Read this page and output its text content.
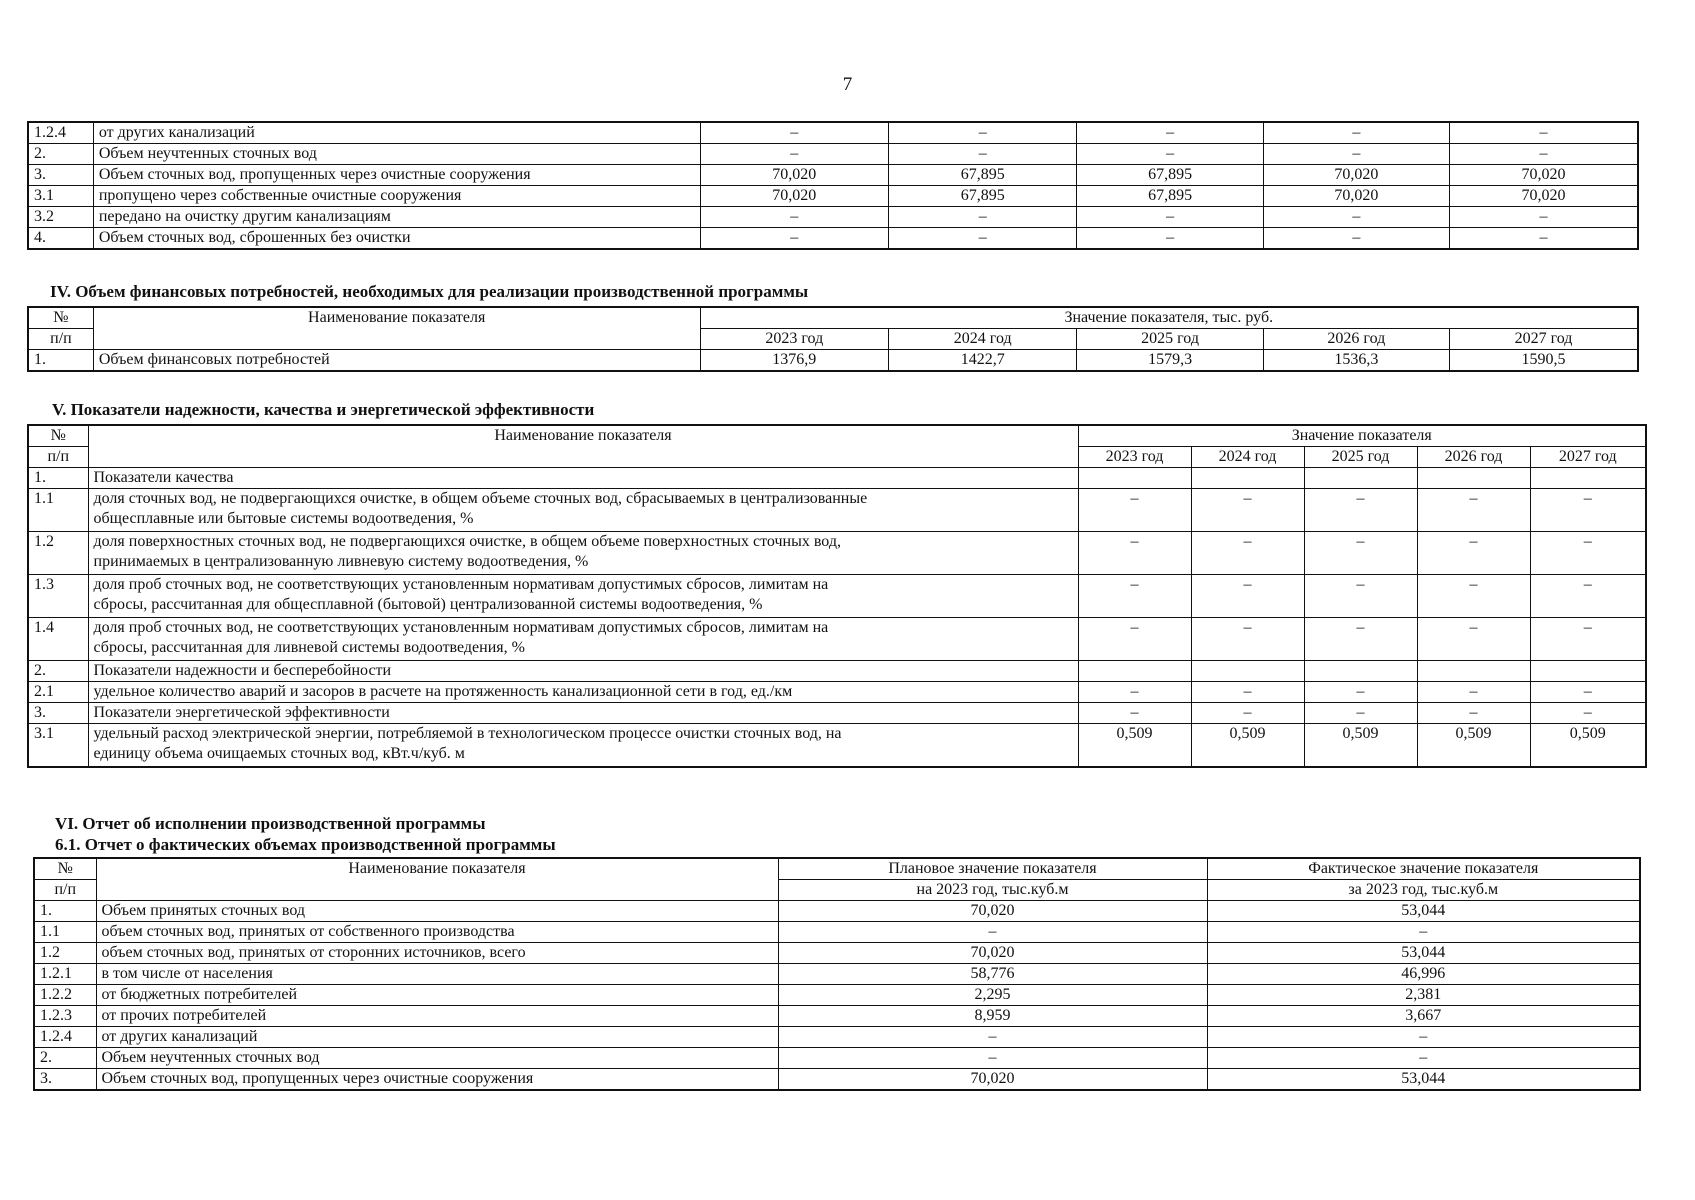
7
1.2.4	от других канализаций	–	–	–	–	–
2.	Объем неучтенных сточных вод	–	–	–	–	–
3.	Объем сточных вод, пропущенных через очистные сооружения	70,020	67,895	67,895	70,020	70,020
3.1	пропущено через собственные очистные сооружения	70,020	67,895	67,895	70,020	70,020
3.2	передано на очистку другим канализациям	–	–	–	–	–
4.	Объем сточных вод, сброшенных без очистки	–	–	–	–	–
IV. Объем финансовых потребностей, необходимых для реализации производственной программы
№	Наименование показателя	Значение показателя, тыс. руб.				
п/п		2023 год	2024 год	2025 год	2026 год	2027 год
1.	Объем финансовых потребностей	1376,9	1422,7	1579,3	1536,3	1590,5
V. Показатели надежности, качества и энергетической эффективности
№	Наименование показателя	Значение показателя				
п/п		2023 год	2024 год	2025 год	2026 год	2027 год
1.	Показатели качества					

1.1	доля сточных вод, не подвергающихся очистке, в общем объеме сточных вод, сбрасываемых в централизованные
общесплавные или бытовые системы водоотведения, %	–	–	–	–	–
1.2	доля поверхностных сточных вод, не подвергающихся очистке, в общем объеме поверхностных сточных вод,
принимаемых в централизованную ливневую систему водоотведения, %	–	–	–	–	–
1.3	доля проб сточных вод, не соответствующих установленным нормативам допустимых сбросов, лимитам на
сбросы, рассчитанная для общесплавной (бытовой) централизованной системы водоотведения, %	–	–	–	–	–
1.4	доля проб сточных вод, не соответствующих установленным нормативам допустимых сбросов, лимитам на
сбросы, рассчитанная для ливневой системы водоотведения, %	–	–	–	–	–
2.	Показатели надежности и бесперебойности					

2.1	удельное количество аварий и засоров в расчете на протяженность канализационной сети в год, ед./км	–	–	–	–	–
3.	Показатели энергетической эффективности	–	–	–	–	–
3.1	удельный расход электрической энергии, потребляемой в технологическом процессе очистки сточных вод, на
единицу объема очищаемых сточных вод, кВт.ч/куб. м	0,509	0,509	0,509	0,509	0,509
VI. Отчет об исполнении производственной программы
6.1. Отчет о фактических объемах производственной программы
№	Наименование показателя	Плановое значение показателя	Фактическое значение показателя
п/п		на 2023 год, тыс.куб.м	за 2023 год, тыс.куб.м
1.	Объем принятых сточных вод	70,020	53,044
1.1	объем сточных вод, принятых от собственного производства	–	–
1.2	объем сточных вод, принятых от сторонних источников, всего	70,020	53,044
1.2.1	в том числе от населения	58,776	46,996
1.2.2	от бюджетных потребителей	2,295	2,381
1.2.3	от прочих потребителей	8,959	3,667
1.2.4	от других канализаций	–	–
2.	Объем неучтенных сточных вод	–	–
3.	Объем сточных вод, пропущенных через очистные сооружения	70,020	53,044
